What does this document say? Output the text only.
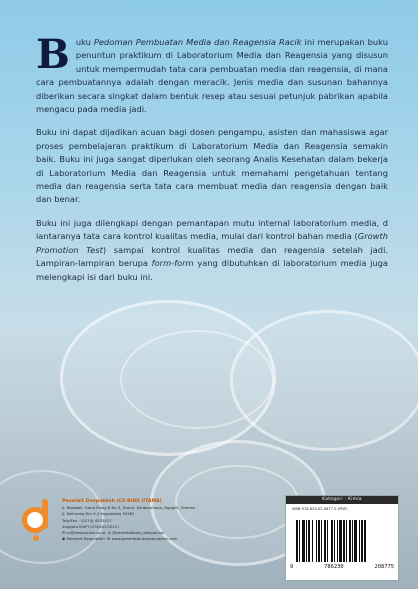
Buku Pedoman Pembuatan Media dan Reagensia Racik ini merupakan buku penuntun praktikum di Laboratorium Media dan Reagensia yang disusun untuk mempermudah tata cara pembuatan media dan reagensia, di mana cara pembuatannya adalah dengan meracik. Jenis media dan susunan bahannya diberikan secara singkat dalam bentuk resep atau sesuai petunjuk pabrikan apabila mengacu pada media jadi.

Buku ini dapat dijadikan acuan bagi dosen pengampu, asisten dan mahasiswa agar proses pembelajaran praktikum di Laboratorium Media dan Reagensia semakin baik. Buku ini juga sangat diperlukan oleh seorang Analis Kesehatan dalam bekerja di Laboratorium Media dan Reagensia untuk memahami pengetahuan tentang media dan reagensia serta tata cara membuat media dan reagensia dengan baik dan benar.

Buku ini juga dilengkapi dengan pemantapan mutu internal laboratorium media, d iantaranya tata cara kontrol kualitas media, mulai dari kontrol bahan media (Growth Promotion Test) sampai kontrol kualitas media dan reagensia setelah jadi. Lampiran-lampiran berupa form-form yang dibutuhkan di laboratorium media juga melengkapi isi dari buku ini.

Penerbit Deepublish (CV BUDI UTAMA)
Jl. Rajawali, Gang Elang 6 No.3, Drono, Sardonoharjo, Ngaglik, Sleman
Jl. Kaliurang Km 9,3 Yogyakarta 55581
Telp/Fax : (0274) 4533427
Anggota IKAPI (076/DIY/2012)
✉ cs@deepublish.co.id ◎ @penerbitbuku_deepublish
◉ Penerbit Deepublish ⊕ www.penerbitbukudeepublish.com
Kategori : Kimia
ISBN 978-623-02-0877-5 (PDF)
9	786230	208775
